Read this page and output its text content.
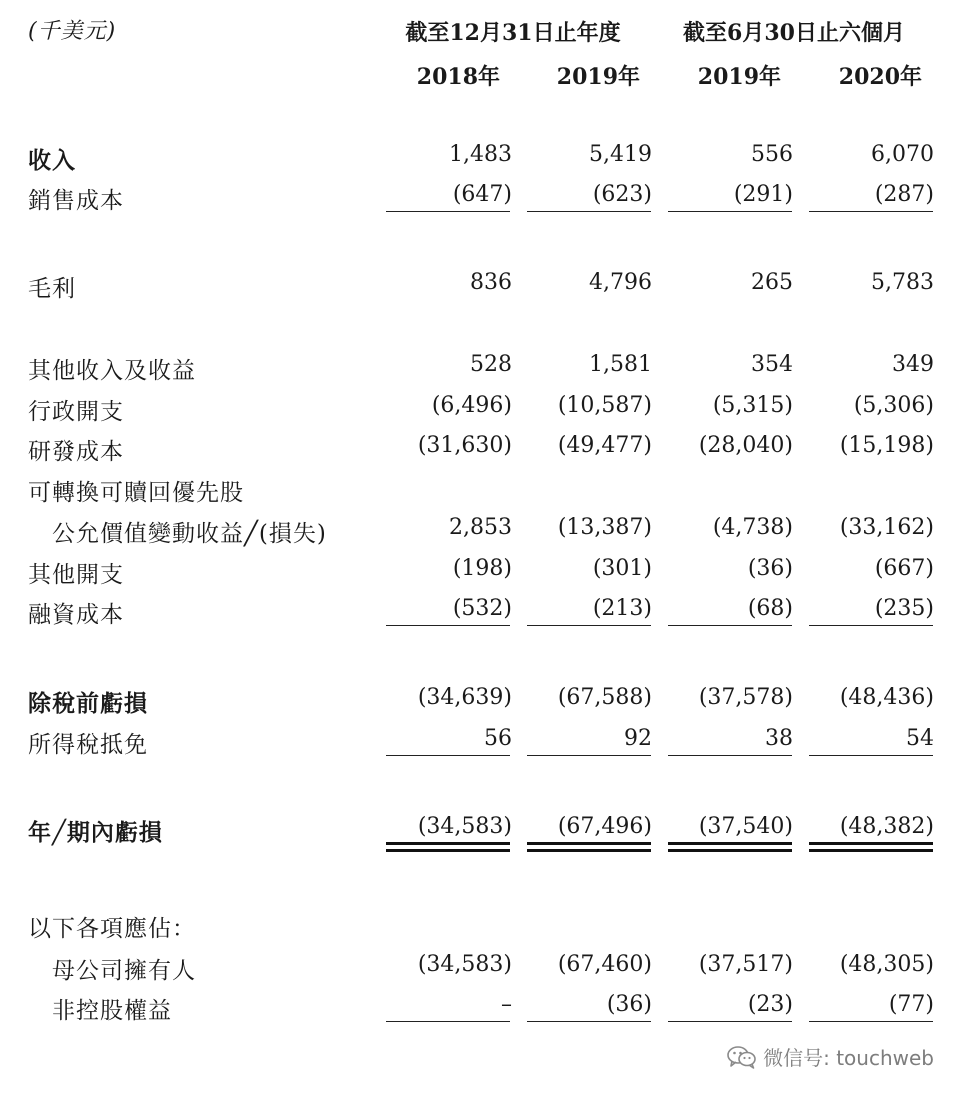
(千美元)	截至12月31日止年度	截至6月30日止六個月
2018年	2019年	2019年	2020年
收入	1,483	5,419	556	6,070
銷售成本	(647)	(623)	(291)	(287)
毛利	836	4,796	265	5,783
其他收入及收益	528	1,581	354	349
行政開支	(6,496)	(10,587)	(5,315)	(5,306)
研發成本	(31,630)	(49,477)	(28,040)	(15,198)
可轉換可贖回優先股
公允價值變動收益╱(損失)	2,853	(13,387)	(4,738)	(33,162)
其他開支	(198)	(301)	(36)	(667)
融資成本	(532)	(213)	(68)	(235)
除稅前虧損	(34,639)	(67,588)	(37,578)	(48,436)
所得稅抵免	56	92	38	54
年╱期內虧損	(34,583)	(67,496)	(37,540)	(48,382)
以下各項應佔：
母公司擁有人	(34,583)	(67,460)	(37,517)	(48,305)
非控股權益	–	(36)	(23)	(77)
微信号: touchweb
